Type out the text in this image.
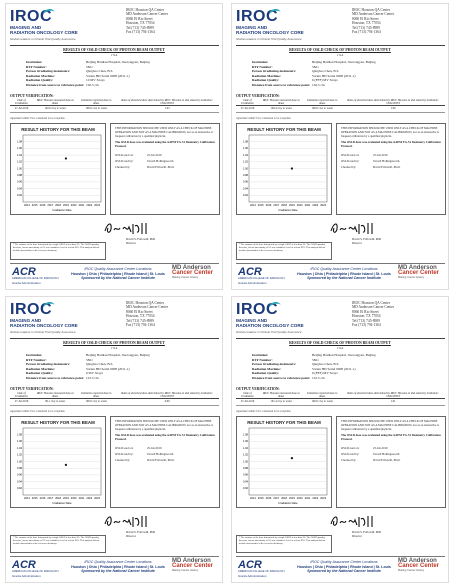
IROC
IMAGING AND
RADIATION ONCOLOGY CORE
Global Leaders in Clinical Trial Quality Assurance
IROC Houston QA Center
MD Anderson Cancer Center
8060 El Rio Street
Houston, TX 77054
Tel (713) 745-8989
Fax (713) 794-1364
RESULTS OF OSLD CHECK OF PHOTON BEAM OUTPUT
v 9.4
Institution:	Beijing Haidian Hospital, Jiaotongyan, Beijing
RTF Number:	5821
Person irradiating dosimeters:	Qingbao Chen, B.S.
Radiation Machine:	Varian HD Serial 6008 (2011-1)
Radiation Quality:	10 MV Xrays
Distance from source to reference point: 102.5 cm
OUTPUT VERIFICATION:
Date of Irradiation	IROC Houston measured dose at dmax	Institution reported dose to dmax	Ratio of absorbed dose determined by IROC Houston to that stated by institution: OSLD/INST
27-Jul-2019	102.6 cGy to water	100.0 cGy to water	1.03
Agreement within 5% is considered to be acceptable.
RESULT HISTORY FOR THIS BEAM
0.92
0.94
0.96
0.98
1.00
1.02
1.04
1.06
1.08
2014 2015 2016 2017 2018 2019 2020 2021 2022 2023
Irradiation Date
THIS INFORMATION SHOULD BE USED ONLY AS A CHECK OF MACHINE OPERATION AND NOT AS A MACHINE CALIBRATION, nor as an alternative to frequent calibration by a qualified physicist.
The OSLD dose was evaluated using the AAPM TG-51 Dosimetry Calibration Protocol.
OSLD read on:	25-Jul-2019
OSLD read by:	Tarcell Hollingsworth
Checked by:	David Followill, Ph.D.
David S. Followill, PhD
Director
* The variance of the dose determined by a single OSLD is less than 3%. The OSLD quantity, therefore, has an uncertainty of 5% at a confidence level of at least 95%. This analysis did not include uncertainties in the reference dosimetry.
ACR
AMERICAN COLLEGE OF RADIOLOGY
Grants Administration
IROC Quality Assurance Center Locations
Houston | Ohio | Philadelphia | Rhode Island | St. Louis
Sponsored by the National Cancer Institute
MD Anderson
Cancer Center
Making Cancer History
IROC
IMAGING AND
RADIATION ONCOLOGY CORE
Global Leaders in Clinical Trial Quality Assurance
IROC Houston QA Center
MD Anderson Cancer Center
8060 El Rio Street
Houston, TX 77054
Tel (713) 745-8989
Fax (713) 794-1364
RESULTS OF OSLD CHECK OF PHOTON BEAM OUTPUT
v 9.4
Institution:	Beijing Haidian Hospital, Jiaotongyan, Beijing
RTF Number:	5821
Person irradiating dosimeters:	Qingbao Chen, B.S.
Radiation Machine:	Varian HD Serial 6008 (2011-1)
Radiation Quality:	6 (FFF) MV Xrays
Distance from source to reference point: 102.5 cm
OUTPUT VERIFICATION:
Date of Irradiation	IROC Houston measured dose at dmax	Institution reported dose to dmax	Ratio of absorbed dose determined by IROC Houston to that stated by institution: OSLD/INST
27-Jul-2019	100.4 cGy to water	100.0 cGy to water	1.00
Agreement within 5% is considered to be acceptable.
RESULT HISTORY FOR THIS BEAM
0.92
0.94
0.96
0.98
1.00
1.02
1.04
1.06
1.08
2014 2015 2016 2017 2018 2019 2020 2021 2022 2023
Irradiation Date
THIS INFORMATION SHOULD BE USED ONLY AS A CHECK OF MACHINE OPERATION AND NOT AS A MACHINE CALIBRATION, nor as an alternative to frequent calibration by a qualified physicist.
The OSLD dose was evaluated using the AAPM TG-51 Dosimetry Calibration Protocol.
OSLD read on:	25-Jul-2019
OSLD read by:	Tarcell Hollingsworth
Checked by:	David Followill, Ph.D.
David S. Followill, PhD
Director
* The variance of the dose determined by a single OSLD is less than 3%. The OSLD quantity, therefore, has an uncertainty of 5% at a confidence level of at least 95%. This analysis did not include uncertainties in the reference dosimetry.
ACR
AMERICAN COLLEGE OF RADIOLOGY
Grants Administration
IROC Quality Assurance Center Locations
Houston | Ohio | Philadelphia | Rhode Island | St. Louis
Sponsored by the National Cancer Institute
MD Anderson
Cancer Center
Making Cancer History
IROC
IMAGING AND
RADIATION ONCOLOGY CORE
Global Leaders in Clinical Trial Quality Assurance
IROC Houston QA Center
MD Anderson Cancer Center
8060 El Rio Street
Houston, TX 77054
Tel (713) 745-8989
Fax (713) 794-1364
RESULTS OF OSLD CHECK OF PHOTON BEAM OUTPUT
v 9.4
Institution:	Beijing Haidian Hospital, Jiaotongyan, Beijing
RTF Number:	5821
Person irradiating dosimeters:	Qingbao Chen, B.S.
Radiation Machine:	Varian HD Serial 6008 (2011-1)
Radiation Quality:	6 MV Xrays
Distance from source to reference point: 101.5 cm
OUTPUT VERIFICATION:
Date of Irradiation	IROC Houston measured dose at dmax	Institution reported dose to dmax	Ratio of absorbed dose determined by IROC Houston to that stated by institution: OSLD/INST
27-Jul-2019	99.1 cGy to water	100.0 cGy to water	0.99
Agreement within 5% is considered to be acceptable.
RESULT HISTORY FOR THIS BEAM
0.92
0.94
0.96
0.98
1.00
1.02
1.04
1.06
1.08
2014 2015 2016 2017 2018 2019 2020 2021 2022 2023
Irradiation Date
THIS INFORMATION SHOULD BE USED ONLY AS A CHECK OF MACHINE OPERATION AND NOT AS A MACHINE CALIBRATION, nor as an alternative to frequent calibration by a qualified physicist.
The OSLD dose was evaluated using the AAPM TG-51 Dosimetry Calibration Protocol.
OSLD read on:	25-Jul-2019
OSLD read by:	Tarcell Hollingsworth
Checked by:	David Followill, Ph.D.
David S. Followill, PhD
Director
* The variance of the dose determined by a single OSLD is less than 3%. The OSLD quantity, therefore, has an uncertainty of 5% at a confidence level of at least 95%. This analysis did not include uncertainties in the reference dosimetry.
ACR
AMERICAN COLLEGE OF RADIOLOGY
Grants Administration
IROC Quality Assurance Center Locations
Houston | Ohio | Philadelphia | Rhode Island | St. Louis
Sponsored by the National Cancer Institute
MD Anderson
Cancer Center
Making Cancer History
IROC
IMAGING AND
RADIATION ONCOLOGY CORE
Global Leaders in Clinical Trial Quality Assurance
IROC Houston QA Center
MD Anderson Cancer Center
8060 El Rio Street
Houston, TX 77054
Tel (713) 745-8989
Fax (713) 794-1364
RESULTS OF OSLD CHECK OF PHOTON BEAM OUTPUT
v 9.4
Institution:	Beijing Haidian Hospital, Jiaotongyan, Beijing
RTF Number:	5821
Person irradiating dosimeters:	Qingbao Chen, B.S.
Radiation Machine:	Varian HD Serial 6008 (2011-1)
Radiation Quality:	6 (FFF) MV Xrays
Distance from source to reference point: 101.5 cm
OUTPUT VERIFICATION:
Date of Irradiation	IROC Houston measured dose at dmax	Institution reported dose to dmax	Ratio of absorbed dose determined by IROC Houston to that stated by institution: OSLD/INST
27-Jul-2019	101.4 cGy to water	100.0 cGy to water	1.01
Agreement within 5% is considered to be acceptable.
RESULT HISTORY FOR THIS BEAM
0.92
0.94
0.96
0.98
1.00
1.02
1.04
1.06
1.08
2014 2015 2016 2017 2018 2019 2020 2021 2022 2023
Irradiation Date
THIS INFORMATION SHOULD BE USED ONLY AS A CHECK OF MACHINE OPERATION AND NOT AS A MACHINE CALIBRATION, nor as an alternative to frequent calibration by a qualified physicist.
The OSLD dose was evaluated using the AAPM TG-51 Dosimetry Calibration Protocol.
OSLD read on:	25-Jul-2019
OSLD read by:	Tarcell Hollingsworth
Checked by:	David Followill, Ph.D.
David S. Followill, PhD
Director
* The variance of the dose determined by a single OSLD is less than 3%. The OSLD quantity, therefore, has an uncertainty of 5% at a confidence level of at least 95%. This analysis did not include uncertainties in the reference dosimetry.
ACR
AMERICAN COLLEGE OF RADIOLOGY
Grants Administration
IROC Quality Assurance Center Locations
Houston | Ohio | Philadelphia | Rhode Island | St. Louis
Sponsored by the National Cancer Institute
MD Anderson
Cancer Center
Making Cancer History
